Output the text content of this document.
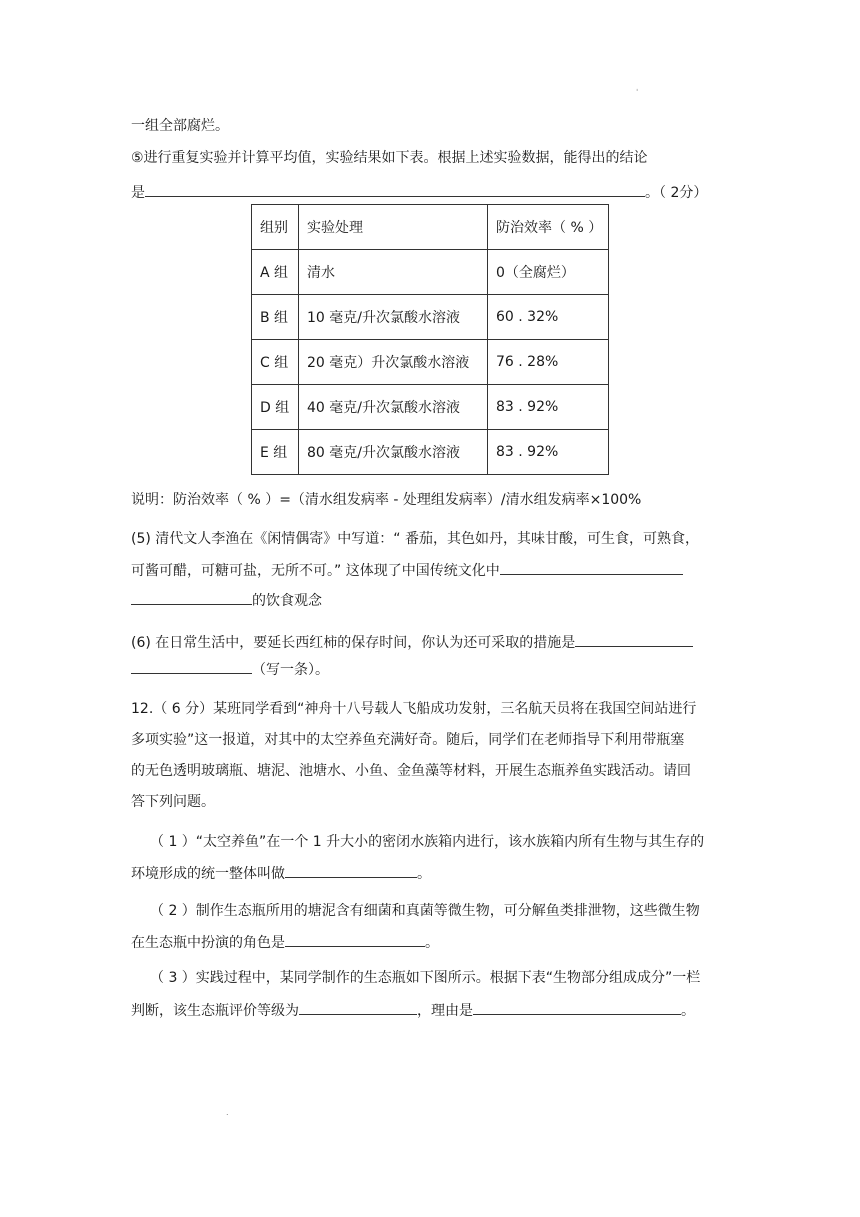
ˈ
一组全部腐烂。
⑤进行重复实验并计算平均值，实验结果如下表。根据上述实验数据，能得出的结论
是	。（ 2分）
组别	实验处理	防治效率（ % ）
A 组	清水	0（全腐烂）
B 组	10 毫克/升次氯酸水溶液	60 . 32%
C 组	20 毫克）升次氯酸水溶液	76 . 28%
D 组	40 毫克/升次氯酸水溶液	83 . 92%
E 组	80 毫克/升次氯酸水溶液	83 . 92%
说明：防治效率（ % ）=（清水组发病率 - 处理组发病率）/清水组发病率×100%
(5) 清代文人李渔在《闲情偶寄》中写道：“ 番茄，其色如丹，其味甘酸，可生食，可熟食，
可酱可醋，可糖可盐，无所不可。” 这体现了中国传统文化中
的饮食观念
(6) 在日常生活中，要延长西红柿的保存时间，你认为还可采取的措施是
（写一条）。
12.（ 6 分）某班同学看到“神舟十八号载人飞船成功发射，三名航天员将在我国空间站进行
多项实验”这一报道，对其中的太空养鱼充满好奇。随后，同学们在老师指导下利用带瓶塞
的无色透明玻璃瓶、塘泥、池塘水、小鱼、金鱼藻等材料，开展生态瓶养鱼实践活动。请回
答下列问题。
（ 1 ）“太空养鱼”在一个 1 升大小的密闭水族箱内进行，该水族箱内所有生物与其生存的
环境形成的统一整体叫做	。
（ 2 ）制作生态瓶所用的塘泥含有细菌和真菌等微生物，可分解鱼类排泄物，这些微生物
在生态瓶中扮演的角色是	。
（ 3 ）实践过程中，某同学制作的生态瓶如下图所示。根据下表“生物部分组成成分”一栏
判断，该生态瓶评价等级为	，理由是	。
.
